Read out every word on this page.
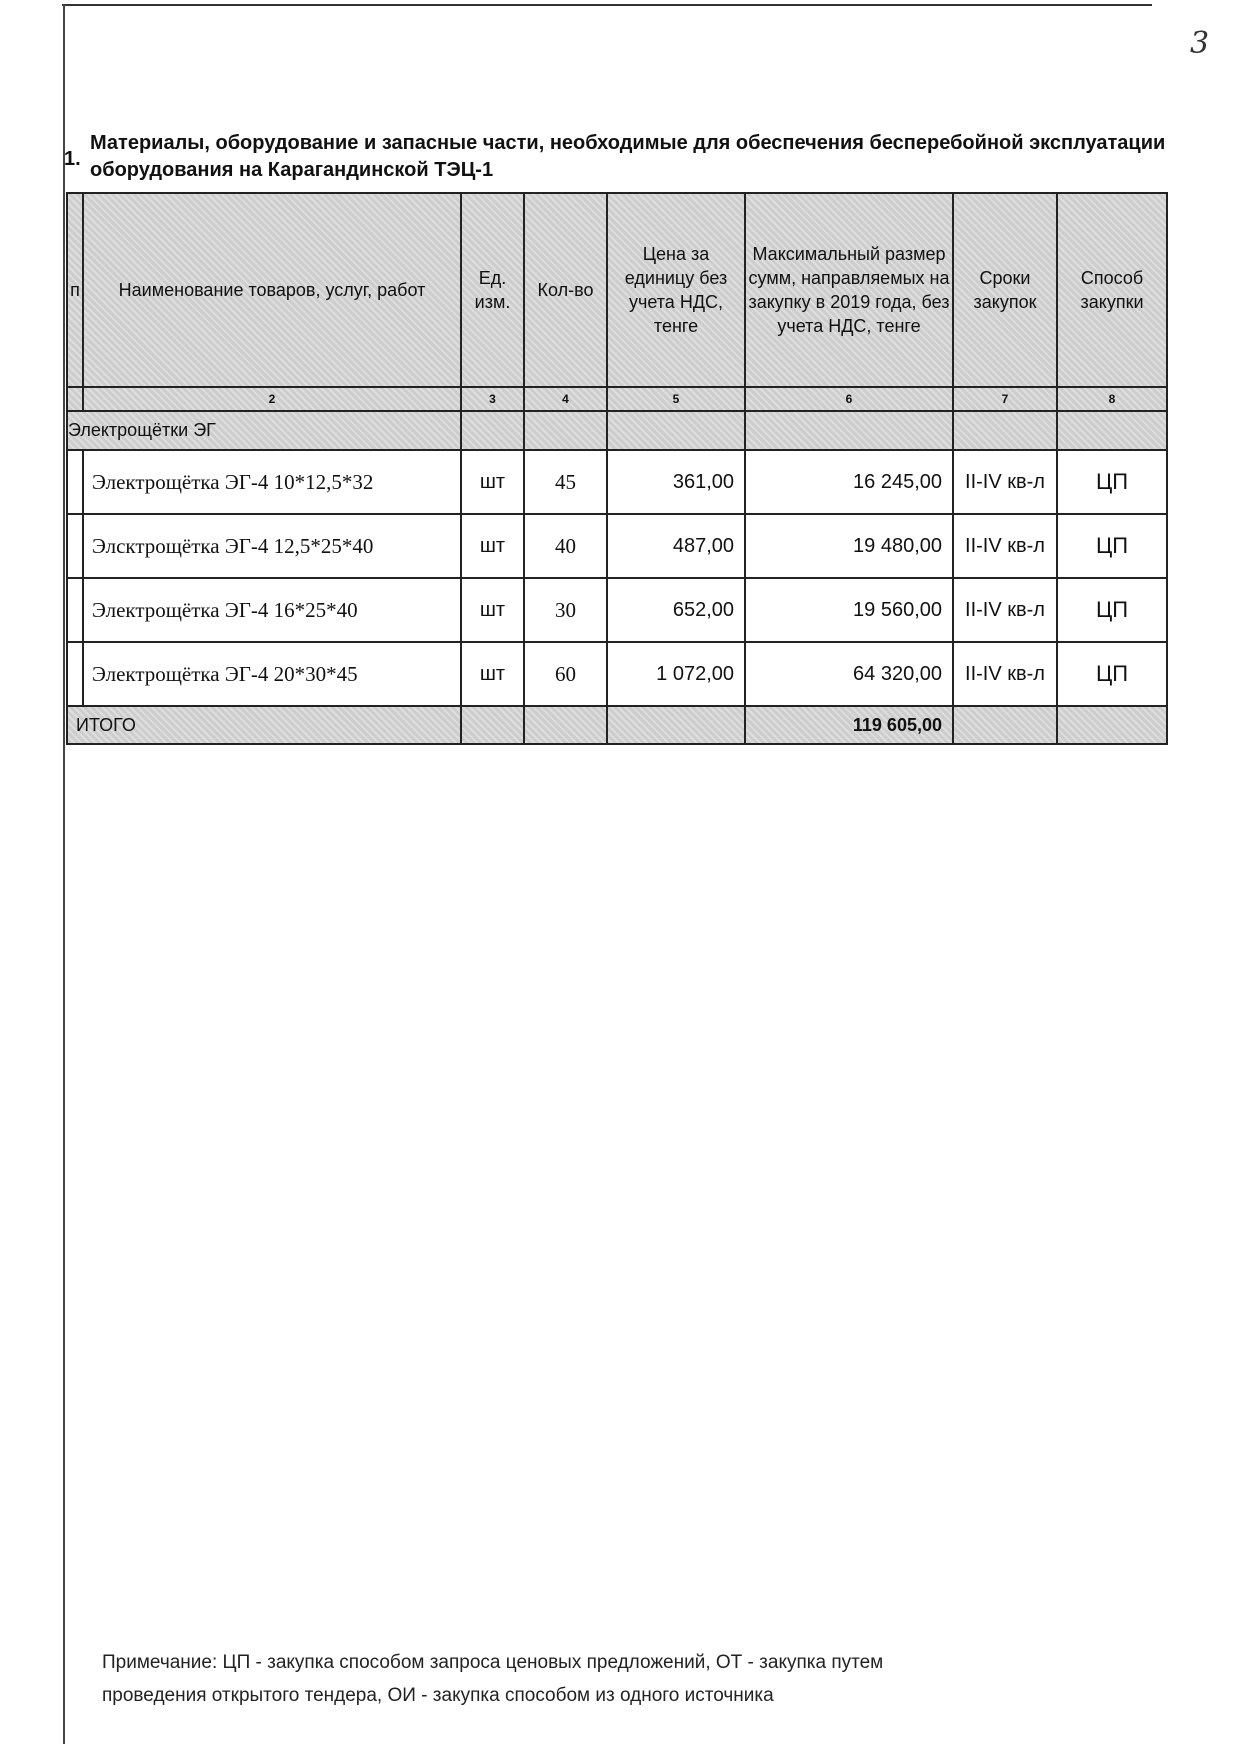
3
1.
Материалы, оборудование и запасные части, необходимые для обеспечения бесперебойной эксплуатации оборудования на Карагандинской ТЭЦ-1
п	Наименование товаров, услуг, работ	Ед. изм.	Кол-во	Цена за единицу без учета НДС, тенге	Максимальный размер сумм, направляемых на закупку в 2019 года, без учета НДС, тенге	Сроки закупок	Способ закупки
	2	3	4	5	6	7	8
Электрощётки ЭГ							
	Электрощётка ЭГ-4 10*12,5*32	шт	45	361,00	16 245,00	II-IV кв-л	ЦП
	Элсктрощётка ЭГ-4 12,5*25*40	шт	40	487,00	19 480,00	II-IV кв-л	ЦП
	Электрощётка ЭГ-4 16*25*40	шт	30	652,00	19 560,00	II-IV кв-л	ЦП
	Электрощётка ЭГ-4 20*30*45	шт	60	1 072,00	64 320,00	II-IV кв-л	ЦП
ИТОГО					119 605,00		
Примечание: ЦП - закупка способом запроса ценовых предложений, ОТ - закупка путем
проведения открытого тендера, ОИ - закупка способом из одного источника
